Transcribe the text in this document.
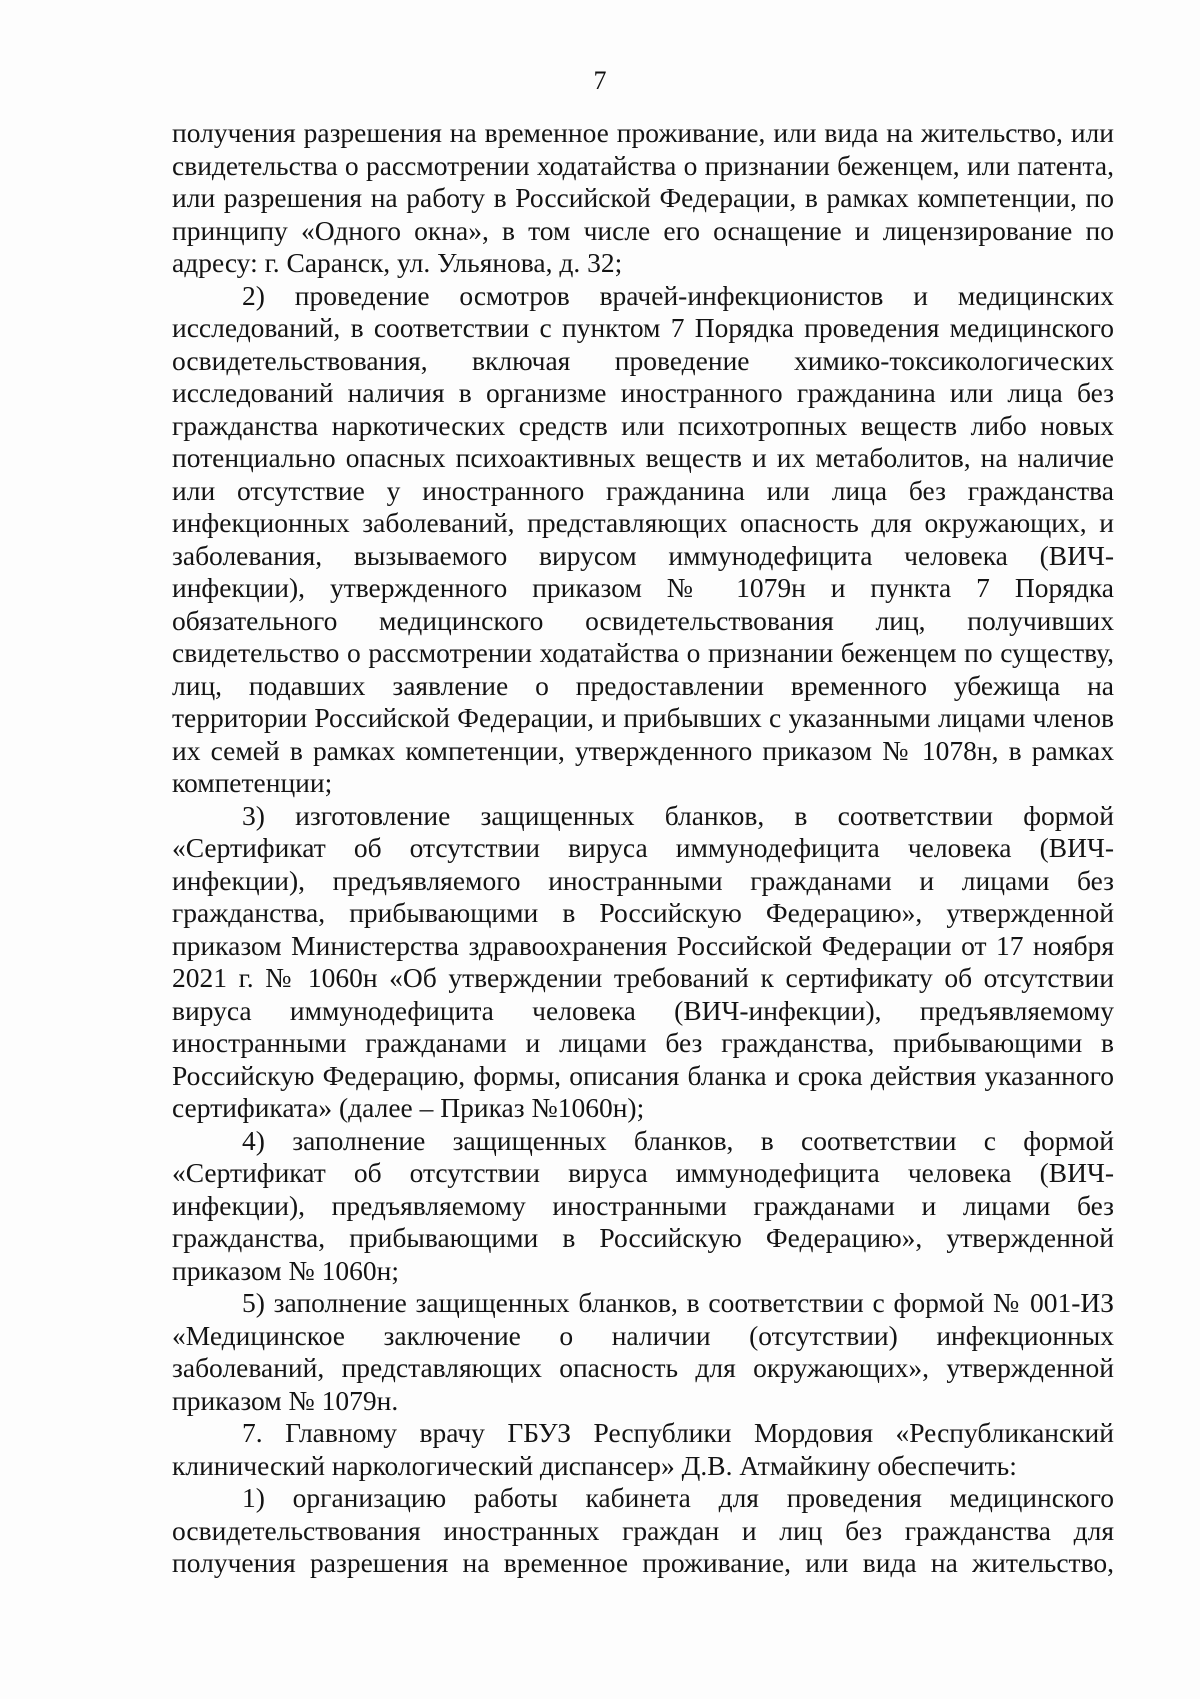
7

получения разрешения на временное проживание, или вида на жительство, или свидетельства о рассмотрении ходатайства о признании беженцем, или патента, или разрешения на работу в Российской Федерации, в рамках компетенции, по принципу «Одного окна», в том числе его оснащение и лицензирование по адресу: г. Саранск, ул. Ульянова, д. 32;

2) проведение осмотров врачей-инфекционистов и медицинских исследований, в соответствии с пунктом 7 Порядка проведения медицинского освидетельствования, включая проведение химико-токсикологических исследований наличия в организме иностранного гражданина или лица без гражданства наркотических средств или психотропных веществ либо новых потенциально опасных психоактивных веществ и их метаболитов, на наличие или отсутствие у иностранного гражданина или лица без гражданства инфекционных заболеваний, представляющих опасность для окружающих, и заболевания, вызываемого вирусом иммунодефицита человека (ВИЧ-инфекции), утвержденного приказом № 1079н и пункта 7 Порядка обязательного медицинского освидетельствования лиц, получивших свидетельство о рассмотрении ходатайства о признании беженцем по существу, лиц, подавших заявление о предоставлении временного убежища на территории Российской Федерации, и прибывших с указанными лицами членов их семей в рамках компетенции, утвержденного приказом № 1078н, в рамках компетенции;

3) изготовление защищенных бланков, в соответствии формой «Сертификат об отсутствии вируса иммунодефицита человека (ВИЧ-инфекции), предъявляемого иностранными гражданами и лицами без гражданства, прибывающими в Российскую Федерацию», утвержденной приказом Министерства здравоохранения Российской Федерации от 17 ноября 2021 г. № 1060н «Об утверждении требований к сертификату об отсутствии вируса иммунодефицита человека (ВИЧ-инфекции), предъявляемому иностранными гражданами и лицами без гражданства, прибывающими в Российскую Федерацию, формы, описания бланка и срока действия указанного сертификата» (далее – Приказ №1060н);

4) заполнение защищенных бланков, в соответствии с формой «Сертификат об отсутствии вируса иммунодефицита человека (ВИЧ-инфекции), предъявляемому иностранными гражданами и лицами без гражданства, прибывающими в Российскую Федерацию», утвержденной приказом № 1060н;

5) заполнение защищенных бланков, в соответствии с формой № 001-ИЗ «Медицинское заключение о наличии (отсутствии) инфекционных заболеваний, представляющих опасность для окружающих», утвержденной приказом № 1079н.

7. Главному врачу ГБУЗ Республики Мордовия «Республиканский клинический наркологический диспансер» Д.В. Атмайкину обеспечить:

1) организацию работы кабинета для проведения медицинского освидетельствования иностранных граждан и лиц без гражданства для получения разрешения на временное проживание, или вида на жительство,
